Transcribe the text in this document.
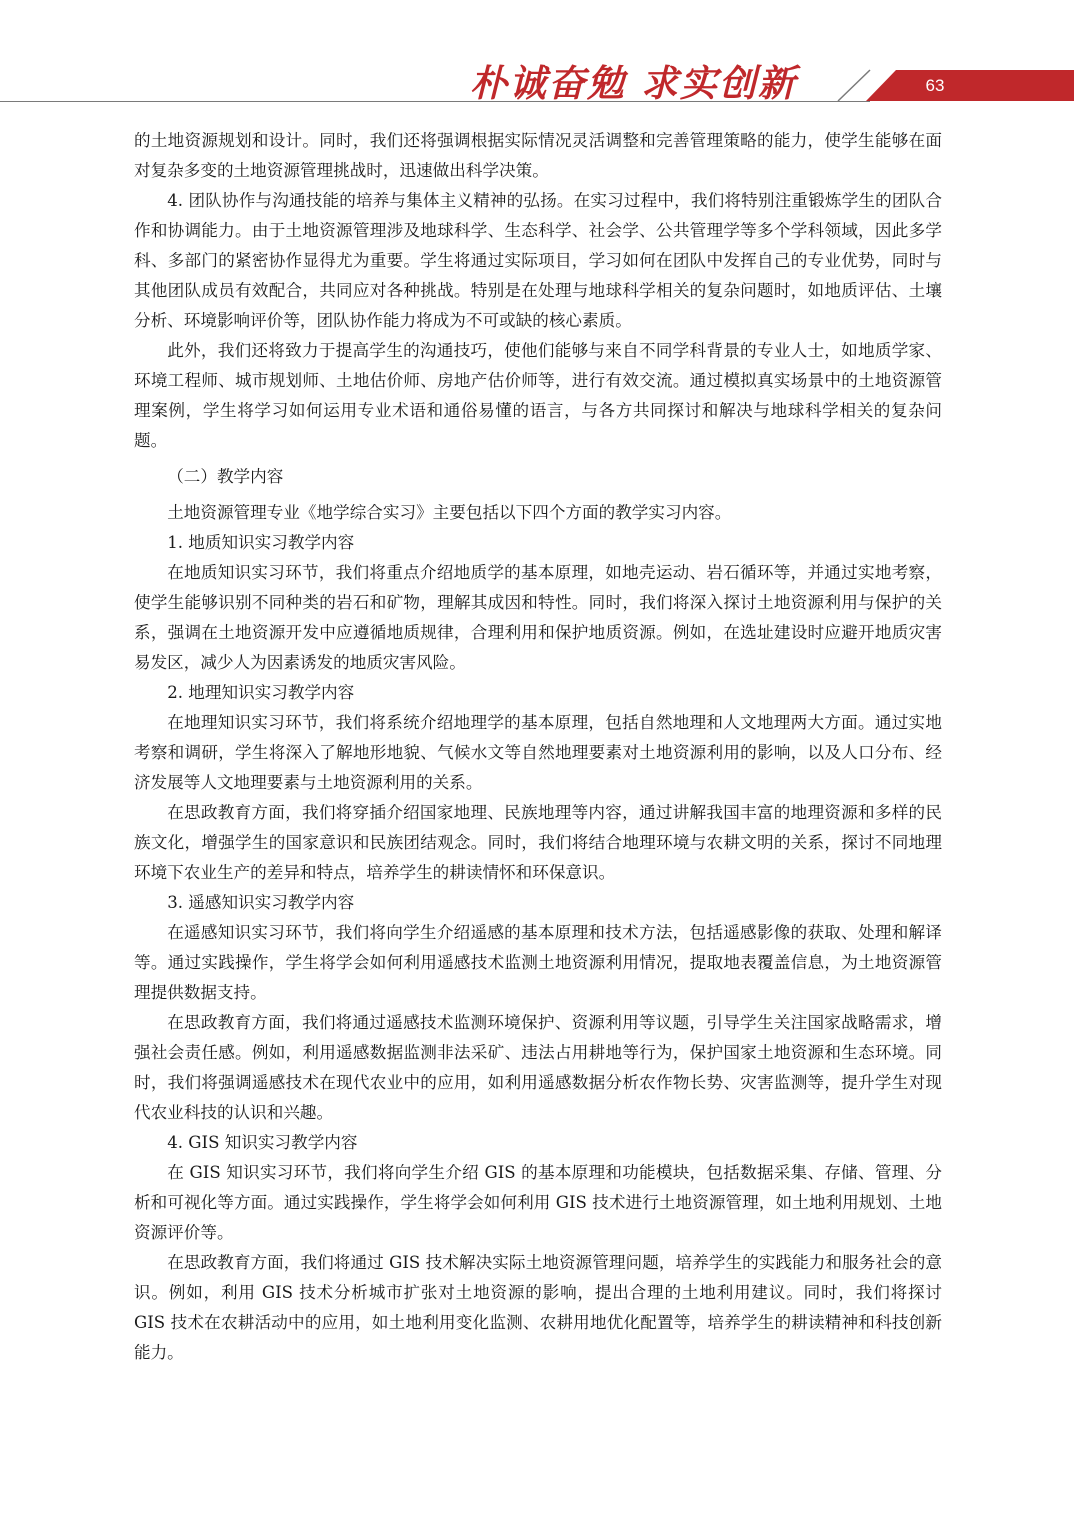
朴诚奋勉 求实创新	63

的土地资源规划和设计。同时，我们还将强调根据实际情况灵活调整和完善管理策略的能力，使学生能够在面对复杂多变的土地资源管理挑战时，迅速做出科学决策。

4. 团队协作与沟通技能的培养与集体主义精神的弘扬。在实习过程中，我们将特别注重锻炼学生的团队合作和协调能力。由于土地资源管理涉及地球科学、生态科学、社会学、公共管理学等多个学科领域，因此多学科、多部门的紧密协作显得尤为重要。学生将通过实际项目，学习如何在团队中发挥自己的专业优势，同时与其他团队成员有效配合，共同应对各种挑战。特别是在处理与地球科学相关的复杂问题时，如地质评估、土壤分析、环境影响评价等，团队协作能力将成为不可或缺的核心素质。

此外，我们还将致力于提高学生的沟通技巧，使他们能够与来自不同学科背景的专业人士，如地质学家、环境工程师、城市规划师、土地估价师、房地产估价师等，进行有效交流。通过模拟真实场景中的土地资源管理案例，学生将学习如何运用专业术语和通俗易懂的语言，与各方共同探讨和解决与地球科学相关的复杂问题。

（二）教学内容

土地资源管理专业《地学综合实习》主要包括以下四个方面的教学实习内容。

1. 地质知识实习教学内容

在地质知识实习环节，我们将重点介绍地质学的基本原理，如地壳运动、岩石循环等，并通过实地考察，使学生能够识别不同种类的岩石和矿物，理解其成因和特性。同时，我们将深入探讨土地资源利用与保护的关系，强调在土地资源开发中应遵循地质规律，合理利用和保护地质资源。例如，在选址建设时应避开地质灾害易发区，减少人为因素诱发的地质灾害风险。

2. 地理知识实习教学内容

在地理知识实习环节，我们将系统介绍地理学的基本原理，包括自然地理和人文地理两大方面。通过实地考察和调研，学生将深入了解地形地貌、气候水文等自然地理要素对土地资源利用的影响，以及人口分布、经济发展等人文地理要素与土地资源利用的关系。

在思政教育方面，我们将穿插介绍国家地理、民族地理等内容，通过讲解我国丰富的地理资源和多样的民族文化，增强学生的国家意识和民族团结观念。同时，我们将结合地理环境与农耕文明的关系，探讨不同地理环境下农业生产的差异和特点，培养学生的耕读情怀和环保意识。

3. 遥感知识实习教学内容

在遥感知识实习环节，我们将向学生介绍遥感的基本原理和技术方法，包括遥感影像的获取、处理和解译等。通过实践操作，学生将学会如何利用遥感技术监测土地资源利用情况，提取地表覆盖信息，为土地资源管理提供数据支持。

在思政教育方面，我们将通过遥感技术监测环境保护、资源利用等议题，引导学生关注国家战略需求，增强社会责任感。例如，利用遥感数据监测非法采矿、违法占用耕地等行为，保护国家土地资源和生态环境。同时，我们将强调遥感技术在现代农业中的应用，如利用遥感数据分析农作物长势、灾害监测等，提升学生对现代农业科技的认识和兴趣。

4. GIS 知识实习教学内容

在 GIS 知识实习环节，我们将向学生介绍 GIS 的基本原理和功能模块，包括数据采集、存储、管理、分析和可视化等方面。通过实践操作，学生将学会如何利用 GIS 技术进行土地资源管理，如土地利用规划、土地资源评价等。

在思政教育方面，我们将通过 GIS 技术解决实际土地资源管理问题，培养学生的实践能力和服务社会的意识。例如，利用 GIS 技术分析城市扩张对土地资源的影响，提出合理的土地利用建议。同时，我们将探讨 GIS 技术在农耕活动中的应用，如土地利用变化监测、农耕用地优化配置等，培养学生的耕读精神和科技创新能力。
